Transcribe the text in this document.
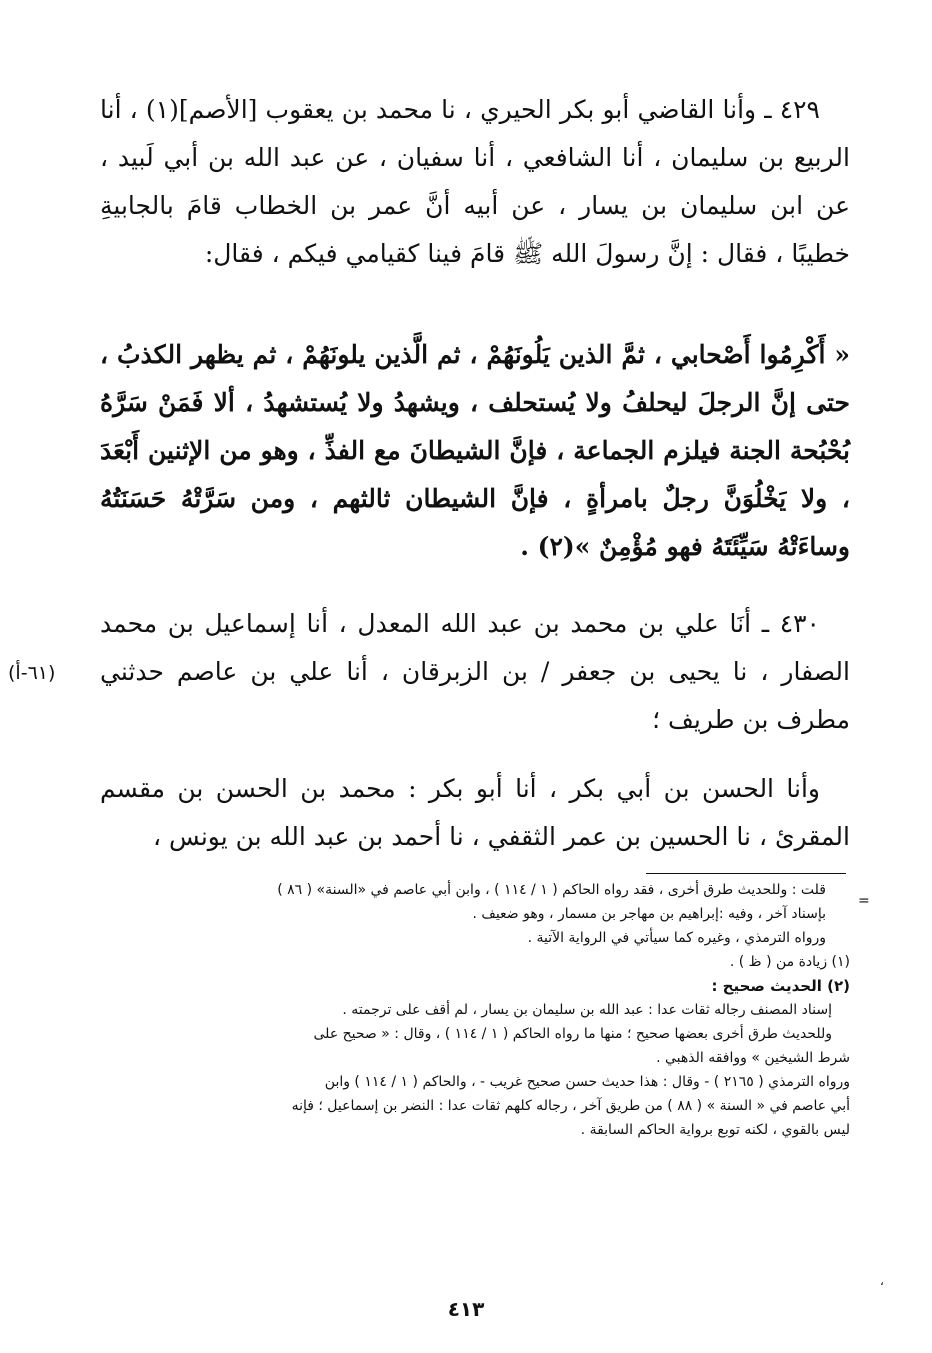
٤٢٩ ـ وأنا القاضي أبو بكر الحيري ، نا محمد بن يعقوب [الأصم](١) ، أنا الربيع بن سليمان ، أنا الشافعي ، أنا سفيان ، عن عبد الله بن أبي لَبيد ، عن ابن سليمان بن يسار ، عن أبيه أنَّ عمر بن الخطاب قامَ بالجابيةِ خطيبًا ، فقال : إنَّ رسولَ الله ﷺ قامَ فينا كقيامي فيكم ، فقال:

« أَكْرِمُوا أَصْحابي ، ثمَّ الذين يَلُونَهُمْ ، ثم الَّذين يلونَهُمْ ، ثم يظهر الكذبُ ، حتى إنَّ الرجلَ ليحلفُ ولا يُستحلف ، ويشهدُ ولا يُستشهدُ ، ألا فَمَنْ سَرَّهُ بُحْبُحة الجنة فيلزم الجماعة ، فإنَّ الشيطانَ مع الفذِّ ، وهو من الإثنين أَبْعَدَ ، ولا يَخْلُوَنَّ رجلٌ بامرأةٍ ، فإنَّ الشيطان ثالثهم ، ومن سَرَّتْهُ حَسَنَتُهُ وساءَتْهُ سَيِّئَتَهُ فهو مُؤْمِنٌ »(٢) .

٤٣٠ ـ أنَا علي بن محمد بن عبد الله المعدل ، أنا إسماعيل بن محمد الصفار ، نا يحيى بن جعفر / بن الزبرقان ، أنا علي بن عاصم حدثني مطرف بن طريف ؛

(٦١-أ)

وأنا الحسن بن أبي بكر ، أنا أبو بكر : محمد بن الحسن بن مقسم المقرئ ، نا الحسين بن عمر الثقفي ، نا أحمد بن عبد الله بن يونس ،

=
قلت : وللحديث طرق أخرى ، فقد رواه الحاكم ( ١ / ١١٤ ) ، وابن أبي عاصم في «السنة» ( ٨٦ )
بإسناد آخر ، وفيه :إبراهيم بن مهاجر بن مسمار ، وهو ضعيف .
ورواه الترمذي ، وغيره كما سيأتي في الرواية الآتية .
(١) زيادة من ( ظ ) .
(٢) الحديث صحيح :
إسناد المصنف رجاله ثقات عدا : عبد الله بن سليمان بن يسار ، لم أقف على ترجمته .
وللحديث طرق أخرى بعضها صحيح ؛ منها ما رواه الحاكم ( ١ / ١١٤ ) ، وقال : « صحيح على
شرط الشيخين » ووافقه الذهبي .
ورواه الترمذي ( ٢١٦٥ ) - وقال : هذا حديث حسن صحيح غريب - ، والحاكم ( ١ / ١١٤ ) وابن
أبي عاصم في « السنة » ( ٨٨ ) من طريق آخر ، رجاله كلهم ثقات عدا : النضر بن إسماعيل ؛ فإنه
ليس بالقوي ، لكنه توبع برواية الحاكم السابقة .
٤١٣
،
